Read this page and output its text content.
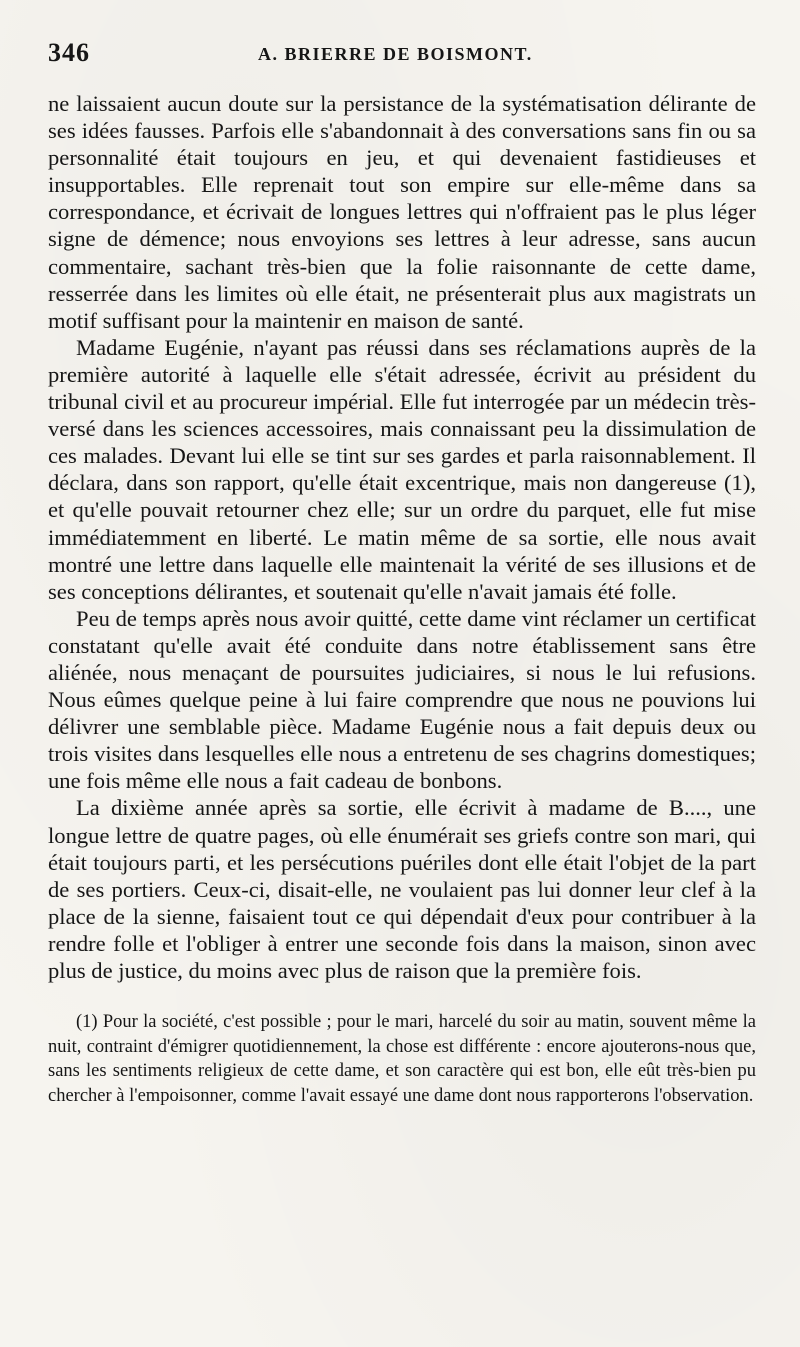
346	A. BRIERRE DE BOISMONT.

ne laissaient aucun doute sur la persistance de la systématisation délirante de ses idées fausses. Parfois elle s'abandonnait à des conversations sans fin ou sa personnalité était toujours en jeu, et qui devenaient fastidieuses et insupportables. Elle reprenait tout son empire sur elle-même dans sa correspondance, et écrivait de longues lettres qui n'offraient pas le plus léger signe de démence; nous envoyions ses lettres à leur adresse, sans aucun commentaire, sachant très-bien que la folie raisonnante de cette dame, resserrée dans les limites où elle était, ne présenterait plus aux magistrats un motif suffisant pour la maintenir en maison de santé.

Madame Eugénie, n'ayant pas réussi dans ses réclamations auprès de la première autorité à laquelle elle s'était adressée, écrivit au président du tribunal civil et au procureur impérial. Elle fut interrogée par un médecin très-versé dans les sciences accessoires, mais connaissant peu la dissimulation de ces malades. Devant lui elle se tint sur ses gardes et parla raisonnablement. Il déclara, dans son rapport, qu'elle était excentrique, mais non dangereuse (1), et qu'elle pouvait retourner chez elle; sur un ordre du parquet, elle fut mise immédiatemment en liberté. Le matin même de sa sortie, elle nous avait montré une lettre dans laquelle elle maintenait la vérité de ses illusions et de ses conceptions délirantes, et soutenait qu'elle n'avait jamais été folle.

Peu de temps après nous avoir quitté, cette dame vint réclamer un certificat constatant qu'elle avait été conduite dans notre établissement sans être aliénée, nous menaçant de poursuites judiciaires, si nous le lui refusions. Nous eûmes quelque peine à lui faire comprendre que nous ne pouvions lui délivrer une semblable pièce. Madame Eugénie nous a fait depuis deux ou trois visites dans lesquelles elle nous a entretenu de ses chagrins domestiques; une fois même elle nous a fait cadeau de bonbons.

La dixième année après sa sortie, elle écrivit à madame de B...., une longue lettre de quatre pages, où elle énumérait ses griefs contre son mari, qui était toujours parti, et les persécutions puériles dont elle était l'objet de la part de ses portiers. Ceux-ci, disait-elle, ne voulaient pas lui donner leur clef à la place de la sienne, faisaient tout ce qui dépendait d'eux pour contribuer à la rendre folle et l'obliger à entrer une seconde fois dans la maison, sinon avec plus de justice, du moins avec plus de raison que la première fois.

(1) Pour la société, c'est possible ; pour le mari, harcelé du soir au matin, souvent même la nuit, contraint d'émigrer quotidiennement, la chose est différente : encore ajouterons-nous que, sans les sentiments religieux de cette dame, et son caractère qui est bon, elle eût très-bien pu chercher à l'empoisonner, comme l'avait essayé une dame dont nous rapporterons l'observation.
